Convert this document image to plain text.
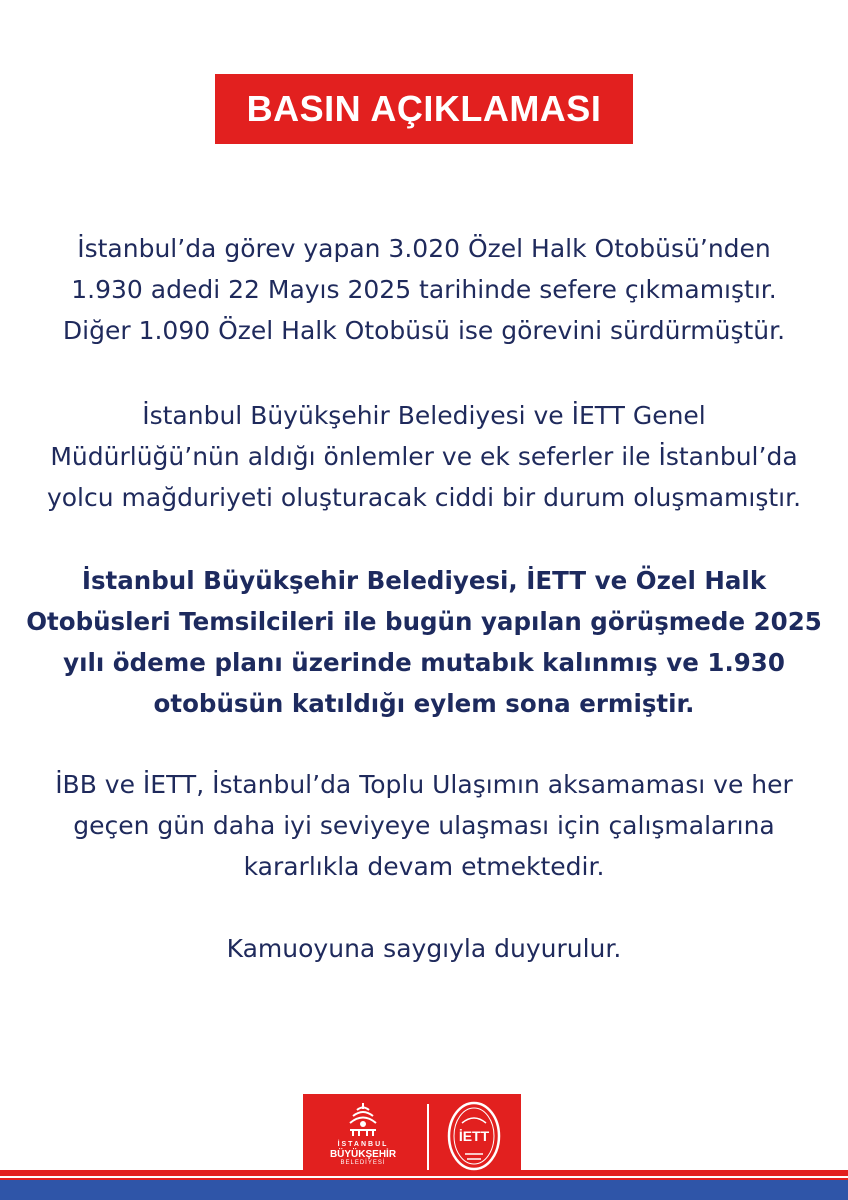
BASIN AÇIKLAMASI
İstanbul’da görev yapan 3.020 Özel Halk Otobüsü’nden
1.930 adedi 22 Mayıs 2025 tarihinde sefere çıkmamıştır.
Diğer 1.090 Özel Halk Otobüsü ise görevini sürdürmüştür.
İstanbul Büyükşehir Belediyesi ve İETT Genel
Müdürlüğü’nün aldığı önlemler ve ek seferler ile İstanbul’da
yolcu mağduriyeti oluşturacak ciddi bir durum oluşmamıştır.
İstanbul Büyükşehir Belediyesi, İETT ve Özel Halk
Otobüsleri Temsilcileri ile bugün yapılan görüşmede 2025
yılı ödeme planı üzerinde mutabık kalınmış ve 1.930
otobüsün katıldığı eylem sona ermiştir.
İBB ve İETT, İstanbul’da Toplu Ulaşımın aksamaması ve her
geçen gün daha iyi seviyeye ulaşması için çalışmalarına
kararlıkla devam etmektedir.
Kamuoyuna saygıyla duyurulur.
İSTANBUL
BÜYÜKŞEHİR
BELEDİYESİ
İETT
